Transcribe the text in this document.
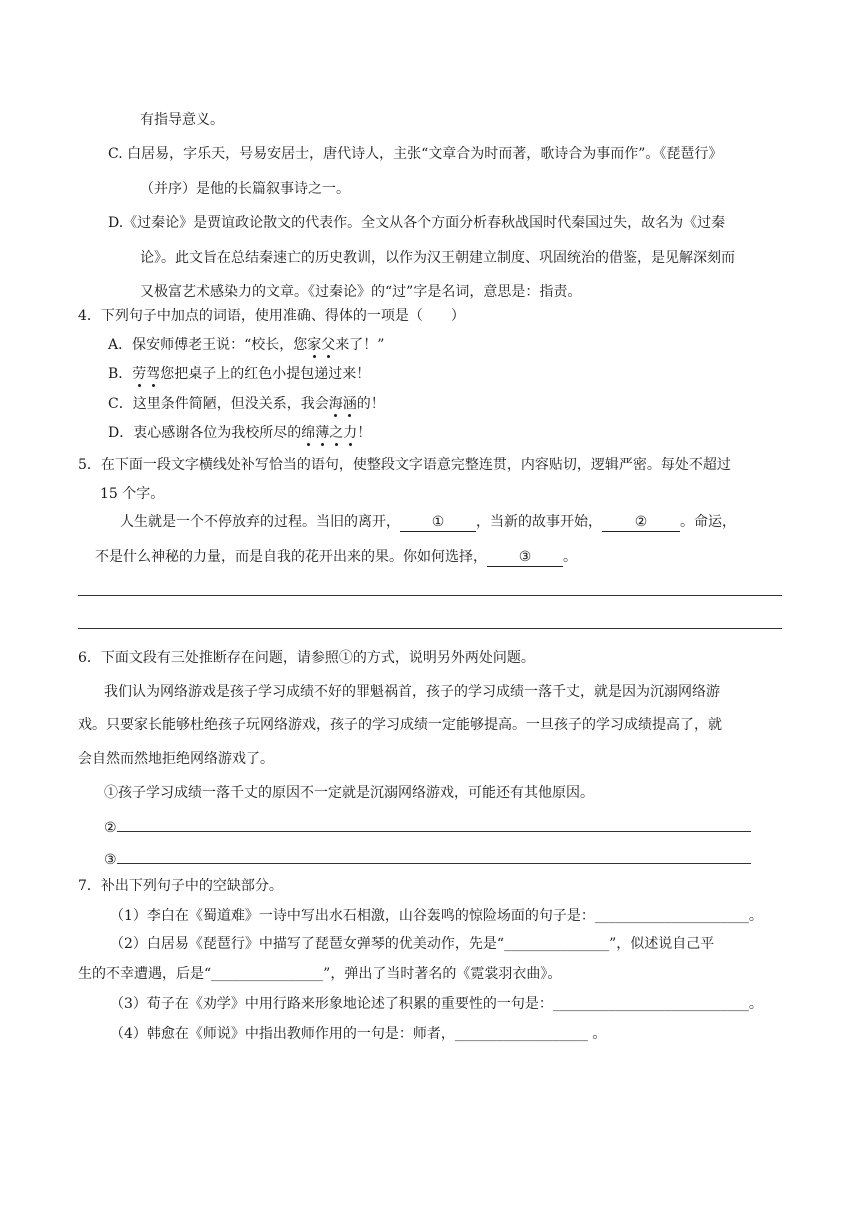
有指导意义。
C. 白居易，字乐天，号易安居士，唐代诗人，主张“文章合为时而著，歌诗合为事而作”。《琵琶行》
（并序）是他的长篇叙事诗之一。
D.《过秦论》是贾谊政论散文的代表作。全文从各个方面分析春秋战国时代秦国过失，故名为《过秦
论》。此文旨在总结秦速亡的历史教训，以作为汉王朝建立制度、巩固统治的借鉴，是见解深刻而
又极富艺术感染力的文章。《过秦论》的“过”字是名词，意思是：指责。
4．下列句子中加点的词语，使用准确、得体的一项是（　　）
A．保安师傅老王说：“校长，您家父来了！”
B．劳驾您把桌子上的红色小提包递过来！
C．这里条件简陋，但没关系，我会海涵的！
D．衷心感谢各位为我校所尽的绵薄之力！
5．在下面一段文字横线处补写恰当的语句，使整段文字语意完整连贯，内容贴切，逻辑严密。每处不超过
15 个字。
人生就是一个不停放弃的过程。当旧的离开， ① ，当新的故事开始， ② 。命运，
不是什么神秘的力量，而是自我的花开出来的果。你如何选择， ③ 。
6．下面文段有三处推断存在问题，请参照①的方式，说明另外两处问题。
我们认为网络游戏是孩子学习成绩不好的罪魁祸首，孩子的学习成绩一落千丈，就是因为沉溺网络游
戏。只要家长能够杜绝孩子玩网络游戏，孩子的学习成绩一定能够提高。一旦孩子的学习成绩提高了，就
会自然而然地拒绝网络游戏了。
①孩子学习成绩一落千丈的原因不一定就是沉溺网络游戏，可能还有其他原因。
②
③
7．补出下列句子中的空缺部分。
（1）李白在《蜀道难》一诗中写出水石相激，山谷轰鸣的惊险场面的句子是：______________________。
（2）白居易《琵琶行》中描写了琵琶女弹琴的优美动作，先是“_______________”，似述说自己平
生的不幸遭遇，后是“________________”，弹出了当时著名的《霓裳羽衣曲》。
（3）荀子在《劝学》中用行路来形象地论述了积累的重要性的一句是：____________________________。
（4）韩愈在《师说》中指出教师作用的一句是：师者，___________________ 。
